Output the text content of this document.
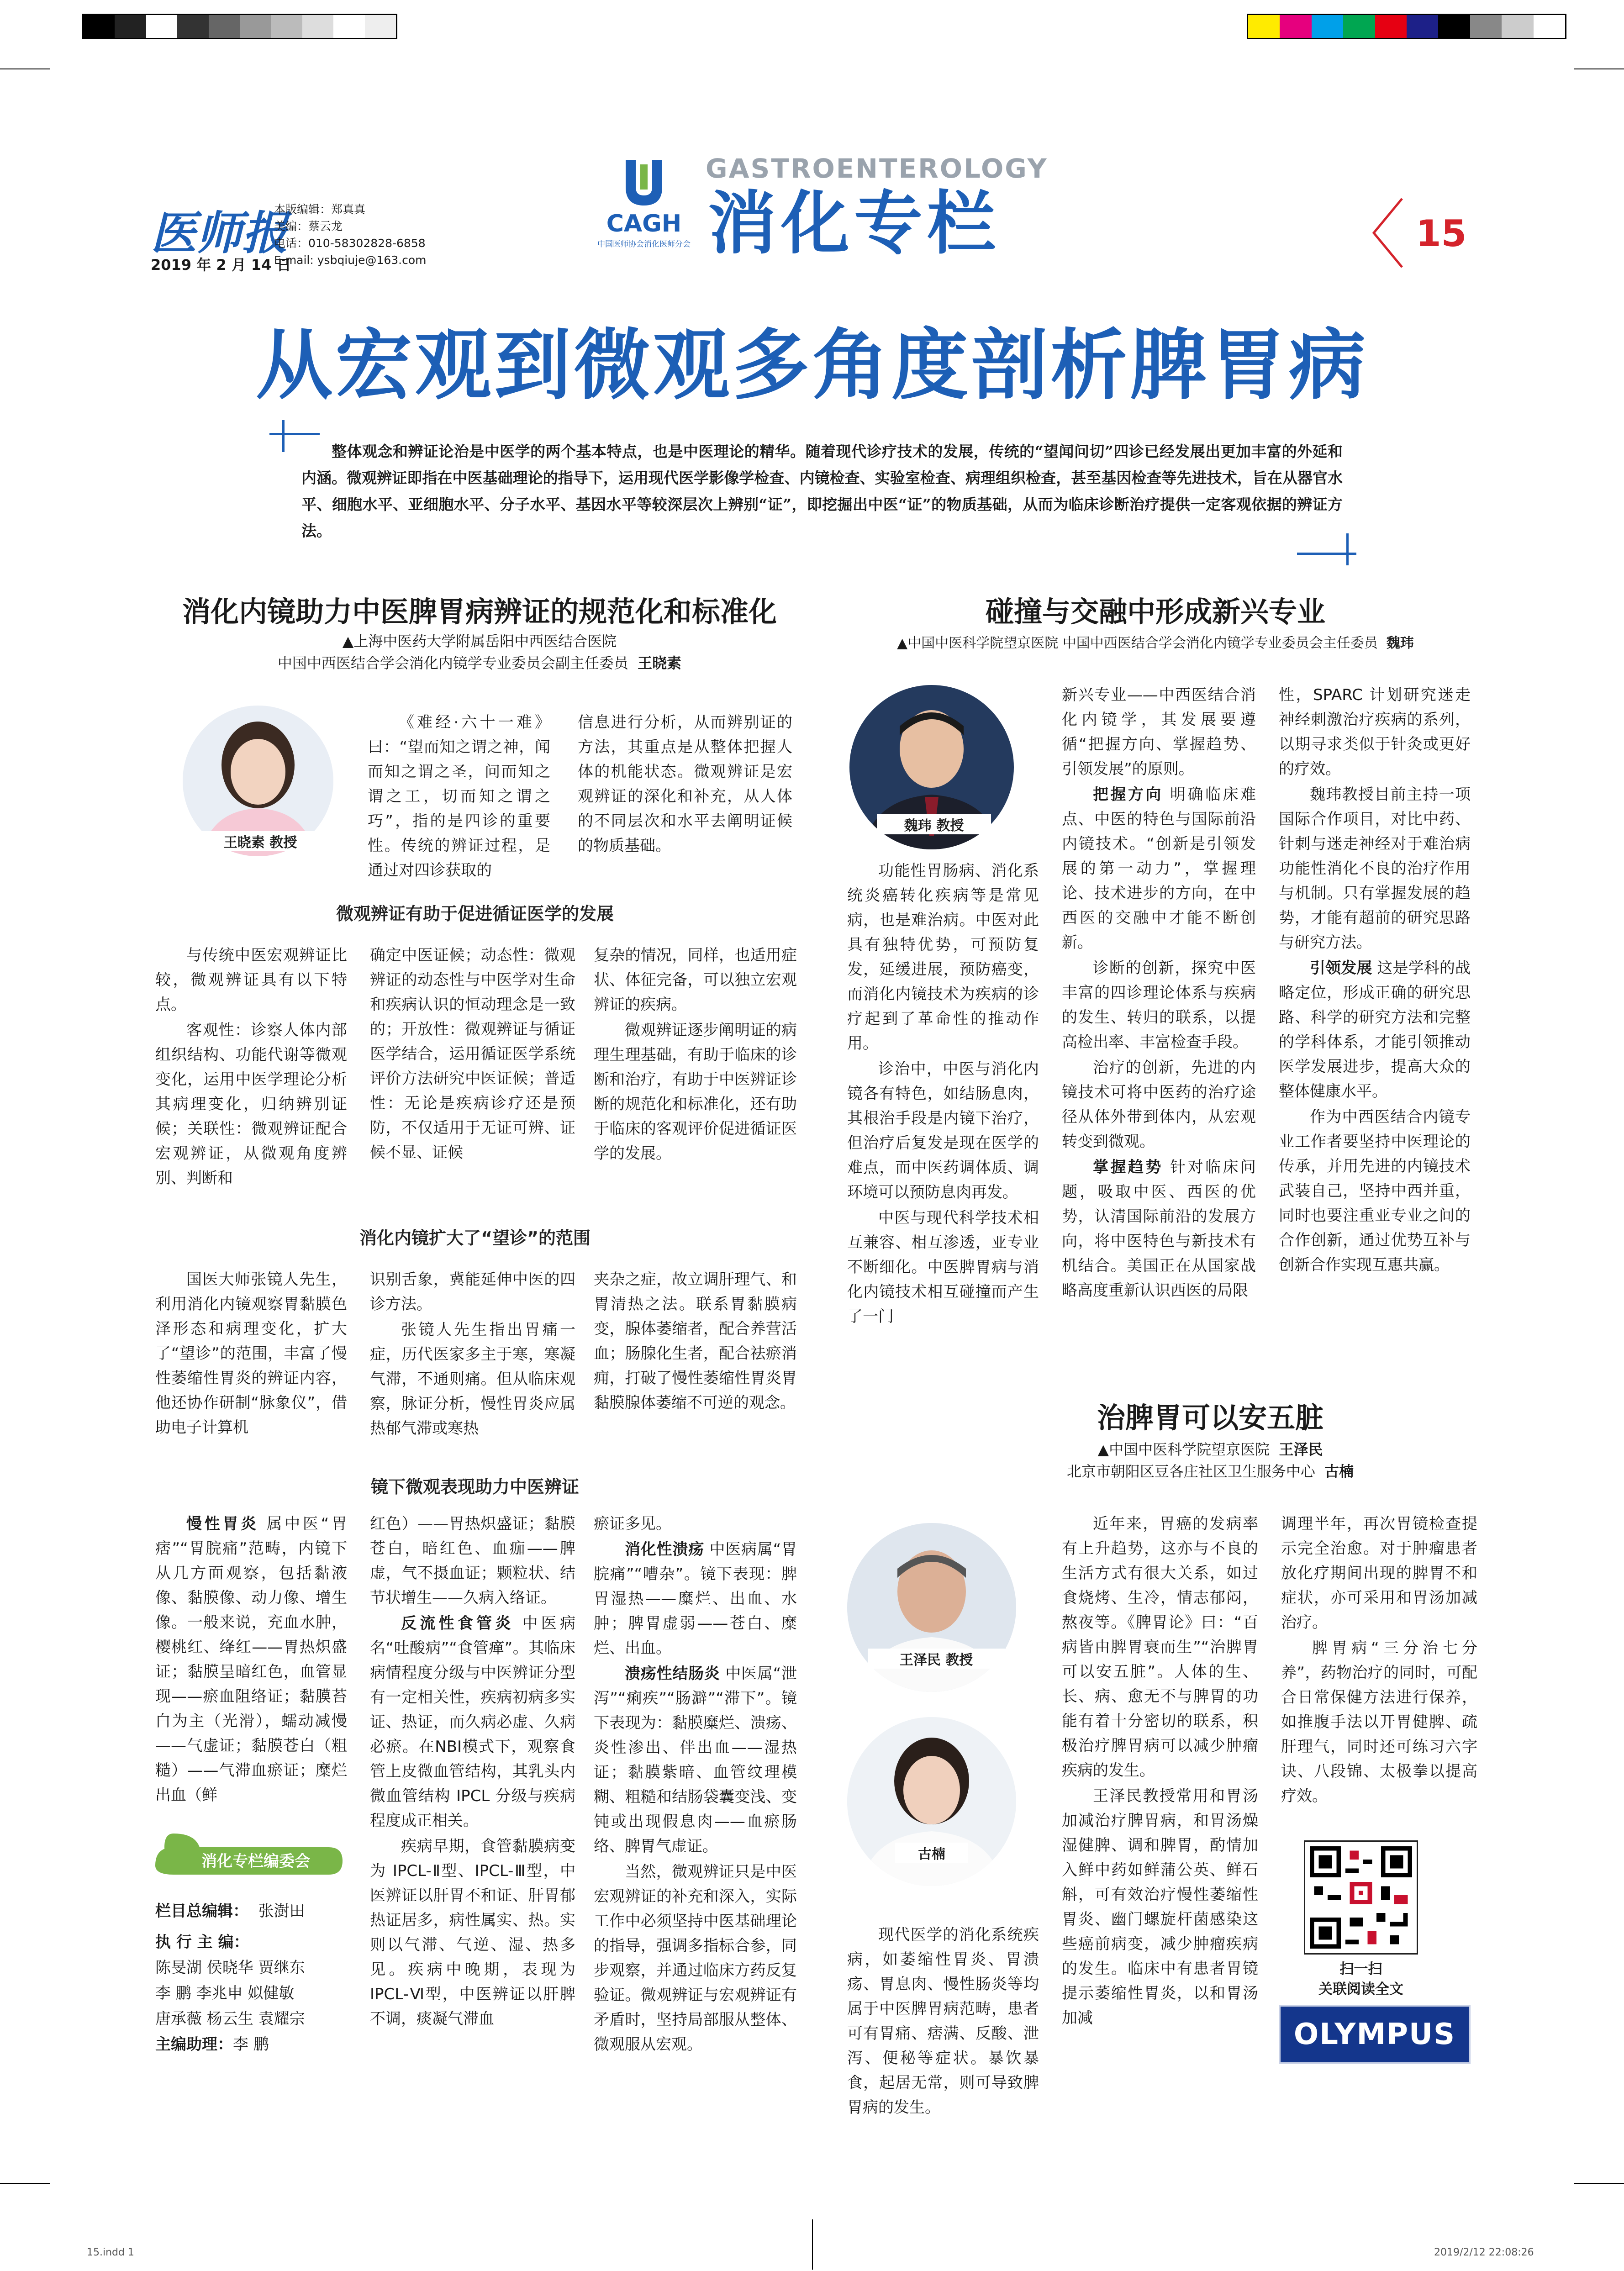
医师报
2019 年 2 月 14 日
本版编辑：郑真真
美编：蔡云龙
电话：010-58302828-6858
E-mail: ysbqiuje@163.com
CAGH
中国医师协会消化医师分会
GASTROENTEROLOGY
消化专栏	15
从宏观到微观多角度剖析脾胃病
整体观念和辨证论治是中医学的两个基本特点，也是中医理论的精华。随着现代诊疗技术的发展，传统的“望闻问切”四诊已经发展出更加丰富的外延和内涵。微观辨证即指在中医基础理论的指导下，运用现代医学影像学检查、内镜检查、实验室检查、病理组织检查，甚至基因检查等先进技术，旨在从器官水平、细胞水平、亚细胞水平、分子水平、基因水平等较深层次上辨别“证”，即挖掘出中医“证”的物质基础，从而为临床诊断治疗提供一定客观依据的辨证方法。
消化内镜助力中医脾胃病辨证的规范化和标准化
▲上海中医药大学附属岳阳中西医结合医院
中国中西医结合学会消化内镜学专业委员会副主任委员 王晓素
王晓素 教授

《难经·六十一难》曰：“望而知之谓之神，闻而知之谓之圣，问而知之谓之工，切而知之谓之巧”，指的是四诊的重要性。传统的辨证过程，是通过对四诊获取的

信息进行分析，从而辨别证的方法，其重点是从整体把握人体的机能状态。微观辨证是宏观辨证的深化和补充，从人体的不同层次和水平去阐明证候的物质基础。

微观辨证有助于促进循证医学的发展

与传统中医宏观辨证比较，微观辨证具有以下特点。

客观性：诊察人体内部组织结构、功能代谢等微观变化，运用中医学理论分析其病理变化，归纳辨别证候；关联性：微观辨证配合宏观辨证，从微观角度辨别、判断和

确定中医证候；动态性：微观辨证的动态性与中医学对生命和疾病认识的恒动理念是一致的；开放性：微观辨证与循证医学结合，运用循证医学系统评价方法研究中医证候；普适性：无论是疾病诊疗还是预防，不仅适用于无证可辨、证候不显、证候

复杂的情况，同样，也适用症状、体征完备，可以独立宏观辨证的疾病。

微观辨证逐步阐明证的病理生理基础，有助于临床的诊断和治疗，有助于中医辨证诊断的规范化和标准化，还有助于临床的客观评价促进循证医学的发展。

消化内镜扩大了“望诊”的范围

国医大师张镜人先生，利用消化内镜观察胃黏膜色泽形态和病理变化，扩大了“望诊”的范围，丰富了慢性萎缩性胃炎的辨证内容，他还协作研制“脉象仪”，借助电子计算机

识别舌象，冀能延伸中医的四诊方法。

张镜人先生指出胃痛一症，历代医家多主于寒，寒凝气滞，不通则痛。但从临床观察，脉证分析，慢性胃炎应属热郁气滞或寒热

夹杂之症，故立调肝理气、和胃清热之法。联系胃黏膜病变，腺体萎缩者，配合养营活血；肠腺化生者，配合祛瘀消痈，打破了慢性萎缩性胃炎胃黏膜腺体萎缩不可逆的观念。

镜下微观表现助力中医辨证

慢性胃炎 属中医“胃痞”“胃脘痛”范畴，内镜下从几方面观察，包括黏液像、黏膜像、动力像、增生像。一般来说，充血水肿，樱桃红、绛红——胃热炽盛证；黏膜呈暗红色，血管显现——瘀血阻络证；黏膜苔白为主（光滑），蠕动减慢——气虚证；黏膜苍白（粗糙）——气滞血瘀证；糜烂出血（鲜

红色）——胃热炽盛证；黏膜苍白，暗红色、血痂——脾虚，气不摄血证；颗粒状、结节状增生——久病入络证。

反流性食管炎 中医病名“吐酸病”“食管瘅”。其临床病情程度分级与中医辨证分型有一定相关性，疾病初病多实证、热证，而久病必虚、久病必瘀。在NBI模式下，观察食管上皮微血管结构，其乳头内微血管结构 IPCL 分级与疾病程度成正相关。

疾病早期，食管黏膜病变为 IPCL-Ⅱ型、IPCL-Ⅲ型，中医辨证以肝胃不和证、肝胃郁热证居多，病性属实、热。实则以气滞、气逆、湿、热多见。疾病中晚期，表现为 IPCL-Ⅵ型，中医辨证以肝脾不调，痰凝气滞血

瘀证多见。

消化性溃疡 中医病属“胃脘痛”“嘈杂”。镜下表现：脾胃湿热——糜烂、出血、水肿；脾胃虚弱——苍白、糜烂、出血。

溃疡性结肠炎 中医属“泄泻”“痢疾”“肠澼”“滞下”。镜下表现为：黏膜糜烂、溃疡、炎性渗出、伴出血——湿热证；黏膜紫暗、血管纹理模糊、粗糙和结肠袋囊变浅、变钝或出现假息肉——血瘀肠络、脾胃气虚证。

当然，微观辨证只是中医宏观辨证的补充和深入，实际工作中必须坚持中医基础理论的指导，强调多指标合参，同步观察，并通过临床方药反复验证。微观辨证与宏观辨证有矛盾时，坚持局部服从整体、微观服从宏观。

消化专栏编委会
栏目总编辑： 张澍田
执 行 主 编：
陈旻湖 侯晓华 贾继东
李 鹏 李兆申 姒健敏
唐承薇 杨云生 袁耀宗
主编助理：李 鹏
碰撞与交融中形成新兴专业
▲中国中医科学院望京医院 中国中西医结合学会消化内镜学专业委员会主任委员 魏玮
魏玮 教授

功能性胃肠病、消化系统炎癌转化疾病等是常见病，也是难治病。中医对此具有独特优势，可预防复发，延缓进展，预防癌变，而消化内镜技术为疾病的诊疗起到了革命性的推动作用。

诊治中，中医与消化内镜各有特色，如结肠息肉，其根治手段是内镜下治疗，但治疗后复发是现在医学的难点，而中医药调体质、调环境可以预防息肉再发。

中医与现代科学技术相互兼容、相互渗透，亚专业不断细化。中医脾胃病与消化内镜技术相互碰撞而产生了一门

新兴专业——中西医结合消化内镜学，其发展要遵循“把握方向、掌握趋势、引领发展”的原则。

把握方向 明确临床难点、中医的特色与国际前沿内镜技术。“创新是引领发展的第一动力”，掌握理论、技术进步的方向，在中西医的交融中才能不断创新。

诊断的创新，探究中医丰富的四诊理论体系与疾病的发生、转归的联系，以提高检出率、丰富检查手段。

治疗的创新，先进的内镜技术可将中医药的治疗途径从体外带到体内，从宏观转变到微观。

掌握趋势 针对临床问题，吸取中医、西医的优势，认清国际前沿的发展方向，将中医特色与新技术有机结合。美国正在从国家战略高度重新认识西医的局限

性，SPARC 计划研究迷走神经刺激治疗疾病的系列，以期寻求类似于针灸或更好的疗效。

魏玮教授目前主持一项国际合作项目，对比中药、针刺与迷走神经对于难治病功能性消化不良的治疗作用与机制。只有掌握发展的趋势，才能有超前的研究思路与研究方法。

引领发展 这是学科的战略定位，形成正确的研究思路、科学的研究方法和完整的学科体系，才能引领推动医学发展进步，提高大众的整体健康水平。

作为中西医结合内镜专业工作者要坚持中医理论的传承，并用先进的内镜技术武装自己，坚持中西并重，同时也要注重亚专业之间的合作创新，通过优势互补与创新合作实现互惠共赢。

治脾胃可以安五脏
▲中国中医科学院望京医院 王泽民
北京市朝阳区豆各庄社区卫生服务中心 古楠
王泽民 教授
古楠

现代医学的消化系统疾病，如萎缩性胃炎、胃溃疡、胃息肉、慢性肠炎等均属于中医脾胃病范畴，患者可有胃痛、痞满、反酸、泄泻、便秘等症状。暴饮暴食，起居无常，则可导致脾胃病的发生。

近年来，胃癌的发病率有上升趋势，这亦与不良的生活方式有很大关系，如过食烧烤、生冷，情志郁闷，熬夜等。《脾胃论》曰：“百病皆由脾胃衰而生”“治脾胃可以安五脏”。人体的生、长、病、愈无不与脾胃的功能有着十分密切的联系，积极治疗脾胃病可以减少肿瘤疾病的发生。

王泽民教授常用和胃汤加减治疗脾胃病，和胃汤燥湿健脾、调和脾胃，酌情加入鲜中药如鲜蒲公英、鲜石斛，可有效治疗慢性萎缩性胃炎、幽门螺旋杆菌感染这些癌前病变，减少肿瘤疾病的发生。临床中有患者胃镜提示萎缩性胃炎，以和胃汤加减

调理半年，再次胃镜检查提示完全治愈。对于肿瘤患者放化疗期间出现的脾胃不和症状，亦可采用和胃汤加减治疗。

脾胃病“三分治七分养”，药物治疗的同时，可配合日常保健方法进行保养，如推腹手法以开胃健脾、疏肝理气，同时还可练习六字诀、八段锦、太极拳以提高疗效。

扫一扫
关联阅读全文
OLYMPUS
15.indd 1	2019/2/12 22:08:26
